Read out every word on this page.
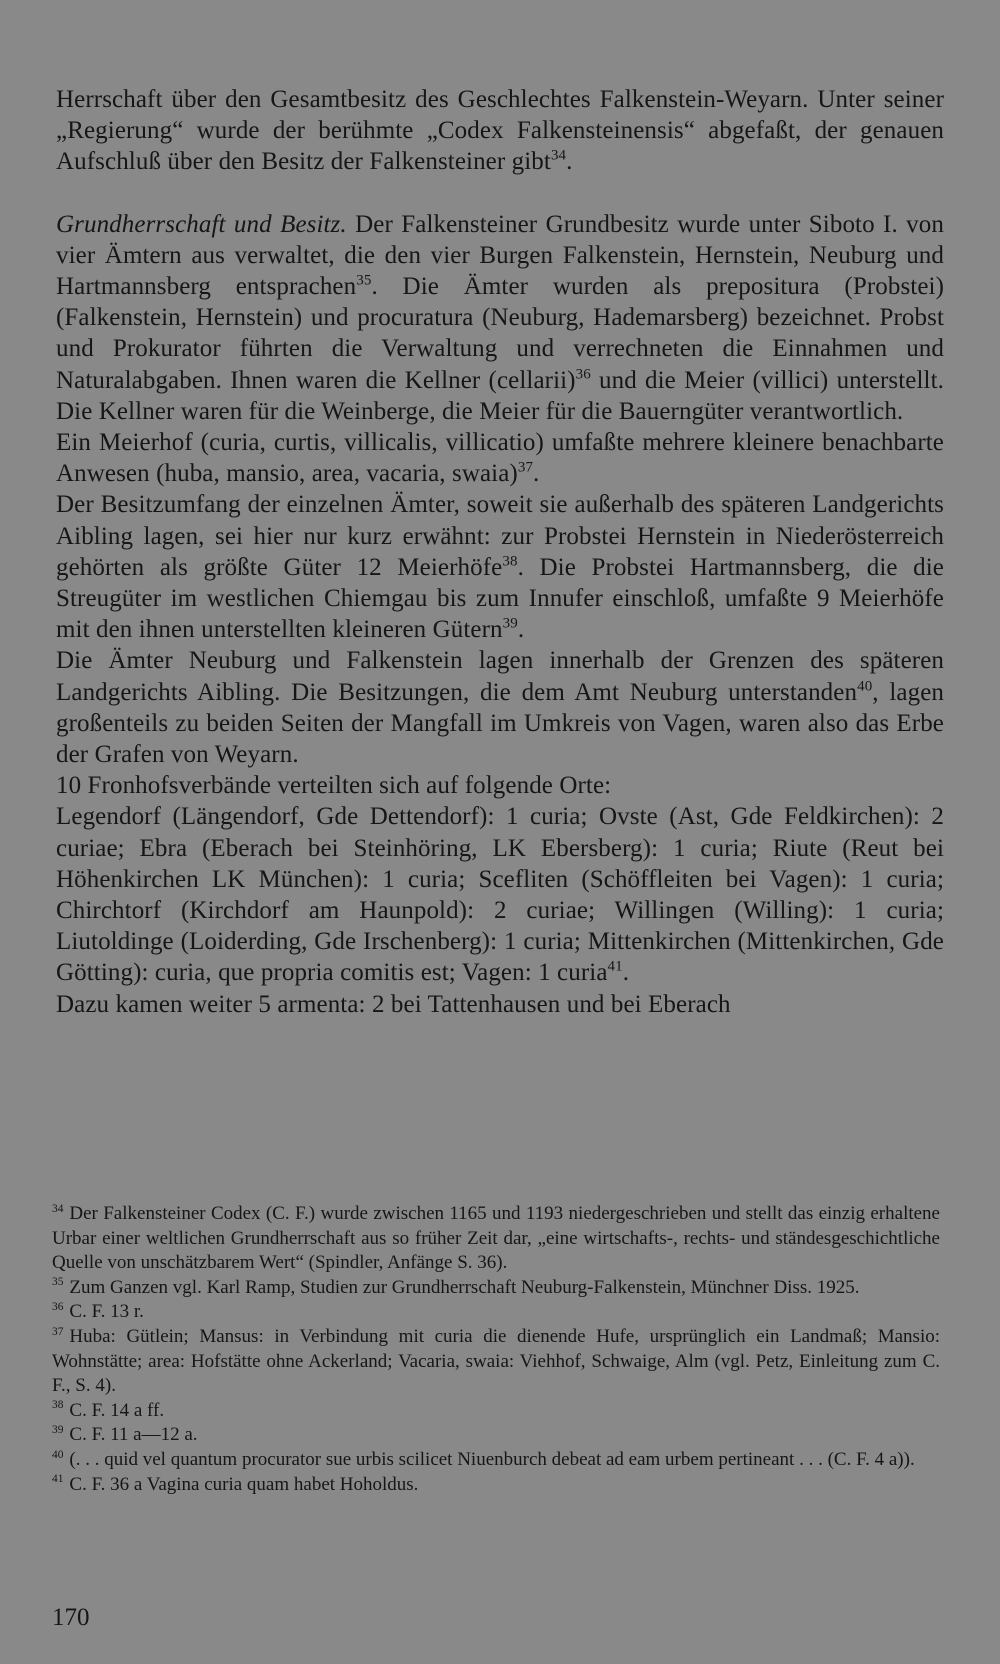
Herrschaft über den Gesamtbesitz des Geschlechtes Falkenstein-Weyarn. Unter seiner „Regierung“ wurde der berühmte „Codex Falkensteinensis“ abgefaßt, der genauen Aufschluß über den Besitz der Falkensteiner gibt$^{34}$.

Grundherrschaft und Besitz. Der Falkensteiner Grundbesitz wurde unter Siboto I. von vier Ämtern aus verwaltet, die den vier Burgen Falkenstein, Hernstein, Neuburg und Hartmannsberg entsprachen$^{35}$. Die Ämter wurden als prepositura (Probstei) (Falkenstein, Hernstein) und procuratura (Neuburg, Hademarsberg) bezeichnet. Probst und Prokurator führten die Verwaltung und verrechneten die Einnahmen und Naturalabgaben. Ihnen waren die Kellner (cellarii)$^{36}$ und die Meier (villici) unterstellt. Die Kellner waren für die Weinberge, die Meier für die Bauerngüter verantwortlich.

Ein Meierhof (curia, curtis, villicalis, villicatio) umfaßte mehrere kleinere benachbarte Anwesen (huba, mansio, area, vacaria, swaia)$^{37}$.

Der Besitzumfang der einzelnen Ämter, soweit sie außerhalb des späteren Landgerichts Aibling lagen, sei hier nur kurz erwähnt: zur Probstei Hernstein in Niederösterreich gehörten als größte Güter 12 Meierhöfe$^{38}$. Die Probstei Hartmannsberg, die die Streugüter im westlichen Chiemgau bis zum Innufer einschloß, umfaßte 9 Meierhöfe mit den ihnen unterstellten kleineren Gütern$^{39}$.

Die Ämter Neuburg und Falkenstein lagen innerhalb der Grenzen des späteren Landgerichts Aibling. Die Besitzungen, die dem Amt Neuburg unterstanden$^{40}$, lagen großenteils zu beiden Seiten der Mangfall im Umkreis von Vagen, waren also das Erbe der Grafen von Weyarn.

10 Fronhofsverbände verteilten sich auf folgende Orte:

Legendorf (Längendorf, Gde Dettendorf): 1 curia; Ovste (Ast, Gde Feldkirchen): 2 curiae; Ebra (Eberach bei Steinhöring, LK Ebersberg): 1 curia; Riute (Reut bei Höhenkirchen LK München): 1 curia; Scefliten (Schöffleiten bei Vagen): 1 curia; Chirchtorf (Kirchdorf am Haunpold): 2 curiae; Willingen (Willing): 1 curia; Liutoldinge (Loiderding, Gde Irschenberg): 1 curia; Mittenkirchen (Mittenkirchen, Gde Götting): curia, que propria comitis est; Vagen: 1 curia$^{41}$.

Dazu kamen weiter 5 armenta: 2 bei Tattenhausen und bei Eberach

$^{34}$ Der Falkensteiner Codex (C. F.) wurde zwischen 1165 und 1193 niedergeschrieben und stellt das einzig erhaltene Urbar einer weltlichen Grundherrschaft aus so früher Zeit dar, „eine wirtschafts-, rechts- und ständesgeschichtliche Quelle von unschätzbarem Wert“ (Spindler, Anfänge S. 36).

$^{35}$ Zum Ganzen vgl. Karl Ramp, Studien zur Grundherrschaft Neuburg-Falkenstein, Münchner Diss. 1925.

$^{36}$ C. F. 13 r.

$^{37}$ Huba: Gütlein; Mansus: in Verbindung mit curia die dienende Hufe, ursprünglich ein Landmaß; Mansio: Wohnstätte; area: Hofstätte ohne Ackerland; Vacaria, swaia: Viehhof, Schwaige, Alm (vgl. Petz, Einleitung zum C. F., S. 4).

$^{38}$ C. F. 14 a ff.

$^{39}$ C. F. 11 a—12 a.

$^{40}$ (. . . quid vel quantum procurator sue urbis scilicet Niuenburch debeat ad eam urbem pertineant . . . (C. F. 4 a)).

$^{41}$ C. F. 36 a Vagina curia quam habet Hoholdus.

170
